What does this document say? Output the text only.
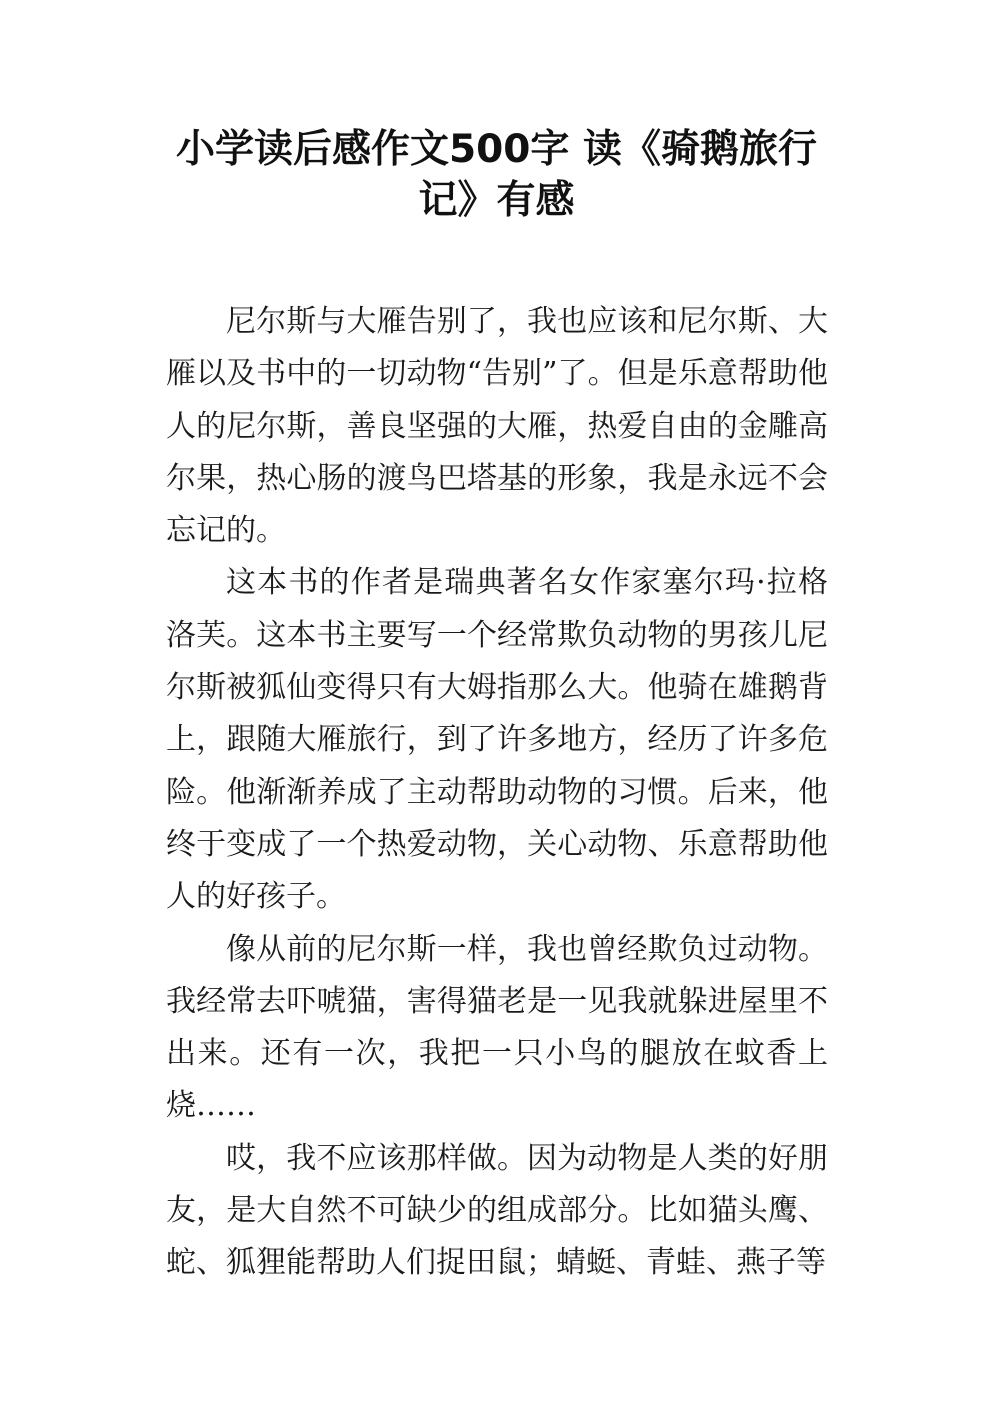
小学读后感作文500字 读《骑鹅旅行记》有感

尼尔斯与大雁告别了，我也应该和尼尔斯、大雁以及书中的一切动物“告别”了。但是乐意帮助他人的尼尔斯，善良坚强的大雁，热爱自由的金雕高尔果，热心肠的渡鸟巴塔基的形象，我是永远不会忘记的。

这本书的作者是瑞典著名女作家塞尔玛·拉格洛芙。这本书主要写一个经常欺负动物的男孩儿尼尔斯被狐仙变得只有大姆指那么大。他骑在雄鹅背上，跟随大雁旅行，到了许多地方，经历了许多危险。他渐渐养成了主动帮助动物的习惯。后来，他终于变成了一个热爱动物，关心动物、乐意帮助他人的好孩子。

像从前的尼尔斯一样，我也曾经欺负过动物。我经常去吓唬猫，害得猫老是一见我就躲进屋里不出来。还有一次，我把一只小鸟的腿放在蚊香上烧……

哎，我不应该那样做。因为动物是人类的好朋友，是大自然不可缺少的组成部分。比如猫头鹰、蛇、狐狸能帮助人们捉田鼠；蜻蜓、青蛙、燕子等
